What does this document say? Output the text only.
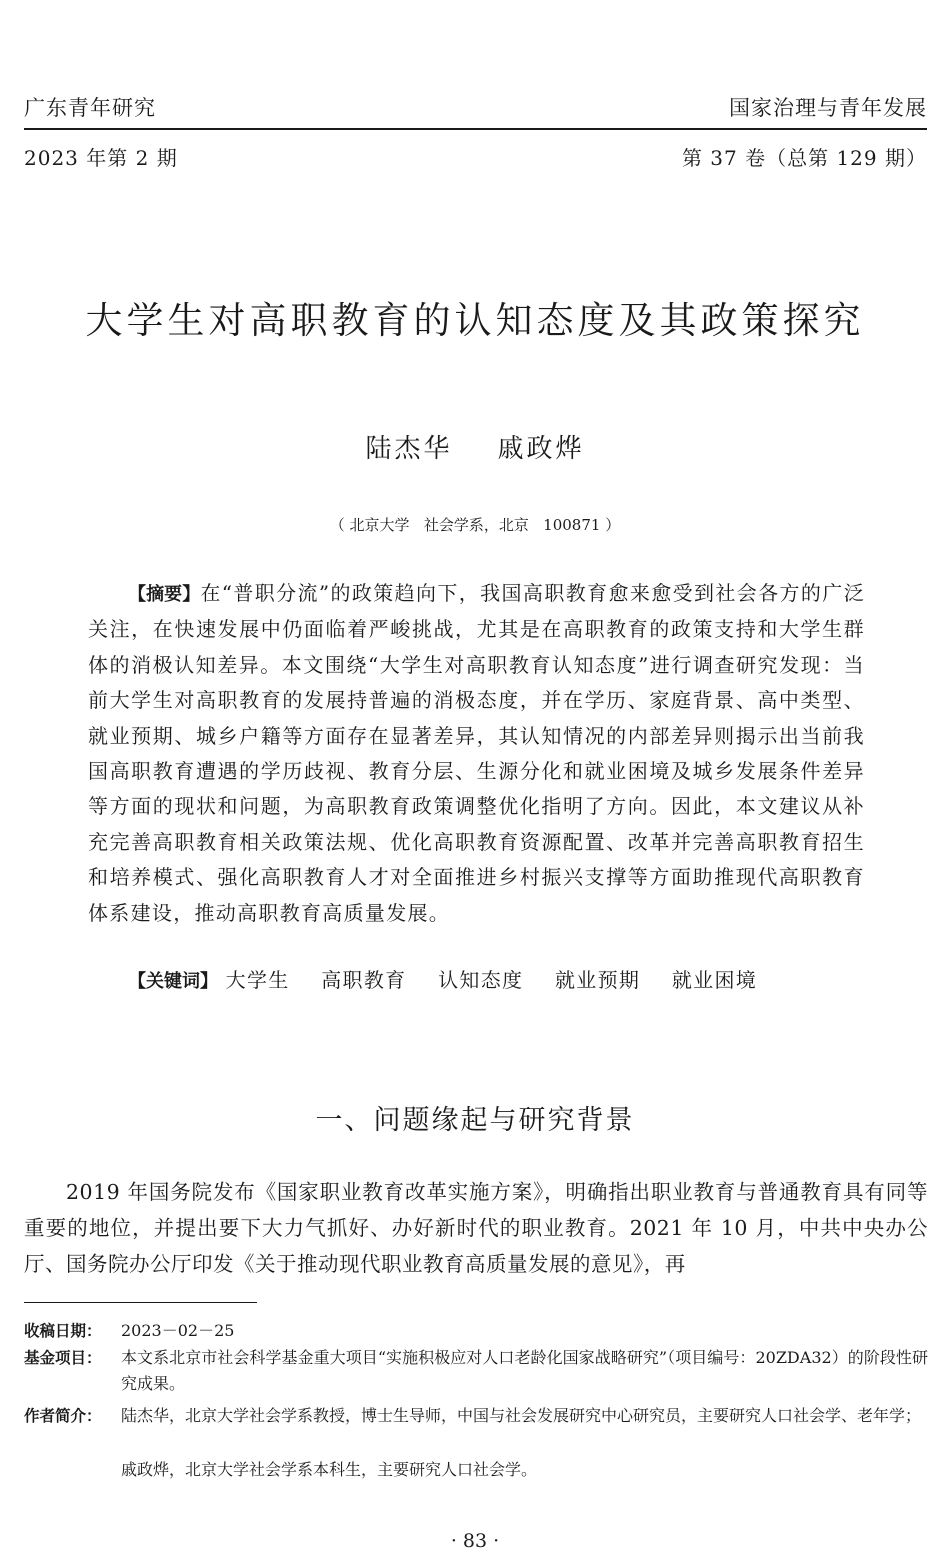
广东青年研究	国家治理与青年发展
2023 年第 2 期	第 37 卷（总第 129 期）
大学生对高职教育的认知态度及其政策探究
陆杰华    戚政烨
（ 北京大学   社会学系，北京   100871 ）
【摘要】在“普职分流”的政策趋向下，我国高职教育愈来愈受到社会各方的广泛关注，在快速发展中仍面临着严峻挑战，尤其是在高职教育的政策支持和大学生群体的消极认知差异。本文围绕“大学生对高职教育认知态度”进行调查研究发现：当前大学生对高职教育的发展持普遍的消极态度，并在学历、家庭背景、高中类型、就业预期、城乡户籍等方面存在显著差异，其认知情况的内部差异则揭示出当前我国高职教育遭遇的学历歧视、教育分层、生源分化和就业困境及城乡发展条件差异等方面的现状和问题，为高职教育政策调整优化指明了方向。因此，本文建议从补充完善高职教育相关政策法规、优化高职教育资源配置、改革并完善高职教育招生和培养模式、强化高职教育人才对全面推进乡村振兴支撑等方面助推现代高职教育体系建设，推动高职教育高质量发展。
【关键词】 大学生 高职教育 认知态度 就业预期 就业困境
一、问题缘起与研究背景
2019 年国务院发布《国家职业教育改革实施方案》，明确指出职业教育与普通教育具有同等重要的地位，并提出要下大力气抓好、办好新时代的职业教育。2021 年 10 月，中共中央办公厅、国务院办公厅印发《关于推动现代职业教育高质量发展的意见》，再
收稿日期： 2023－02－25
基金项目： 本文系北京市社会科学基金重大项目“实施积极应对人口老龄化国家战略研究”（项目编号：20ZDA32）的阶段性研究成果。
作者简介： 陆杰华，北京大学社会学系教授，博士生导师，中国与社会发展研究中心研究员，主要研究人口社会学、老年学；
戚政烨，北京大学社会学系本科生，主要研究人口社会学。
· 83 ·
